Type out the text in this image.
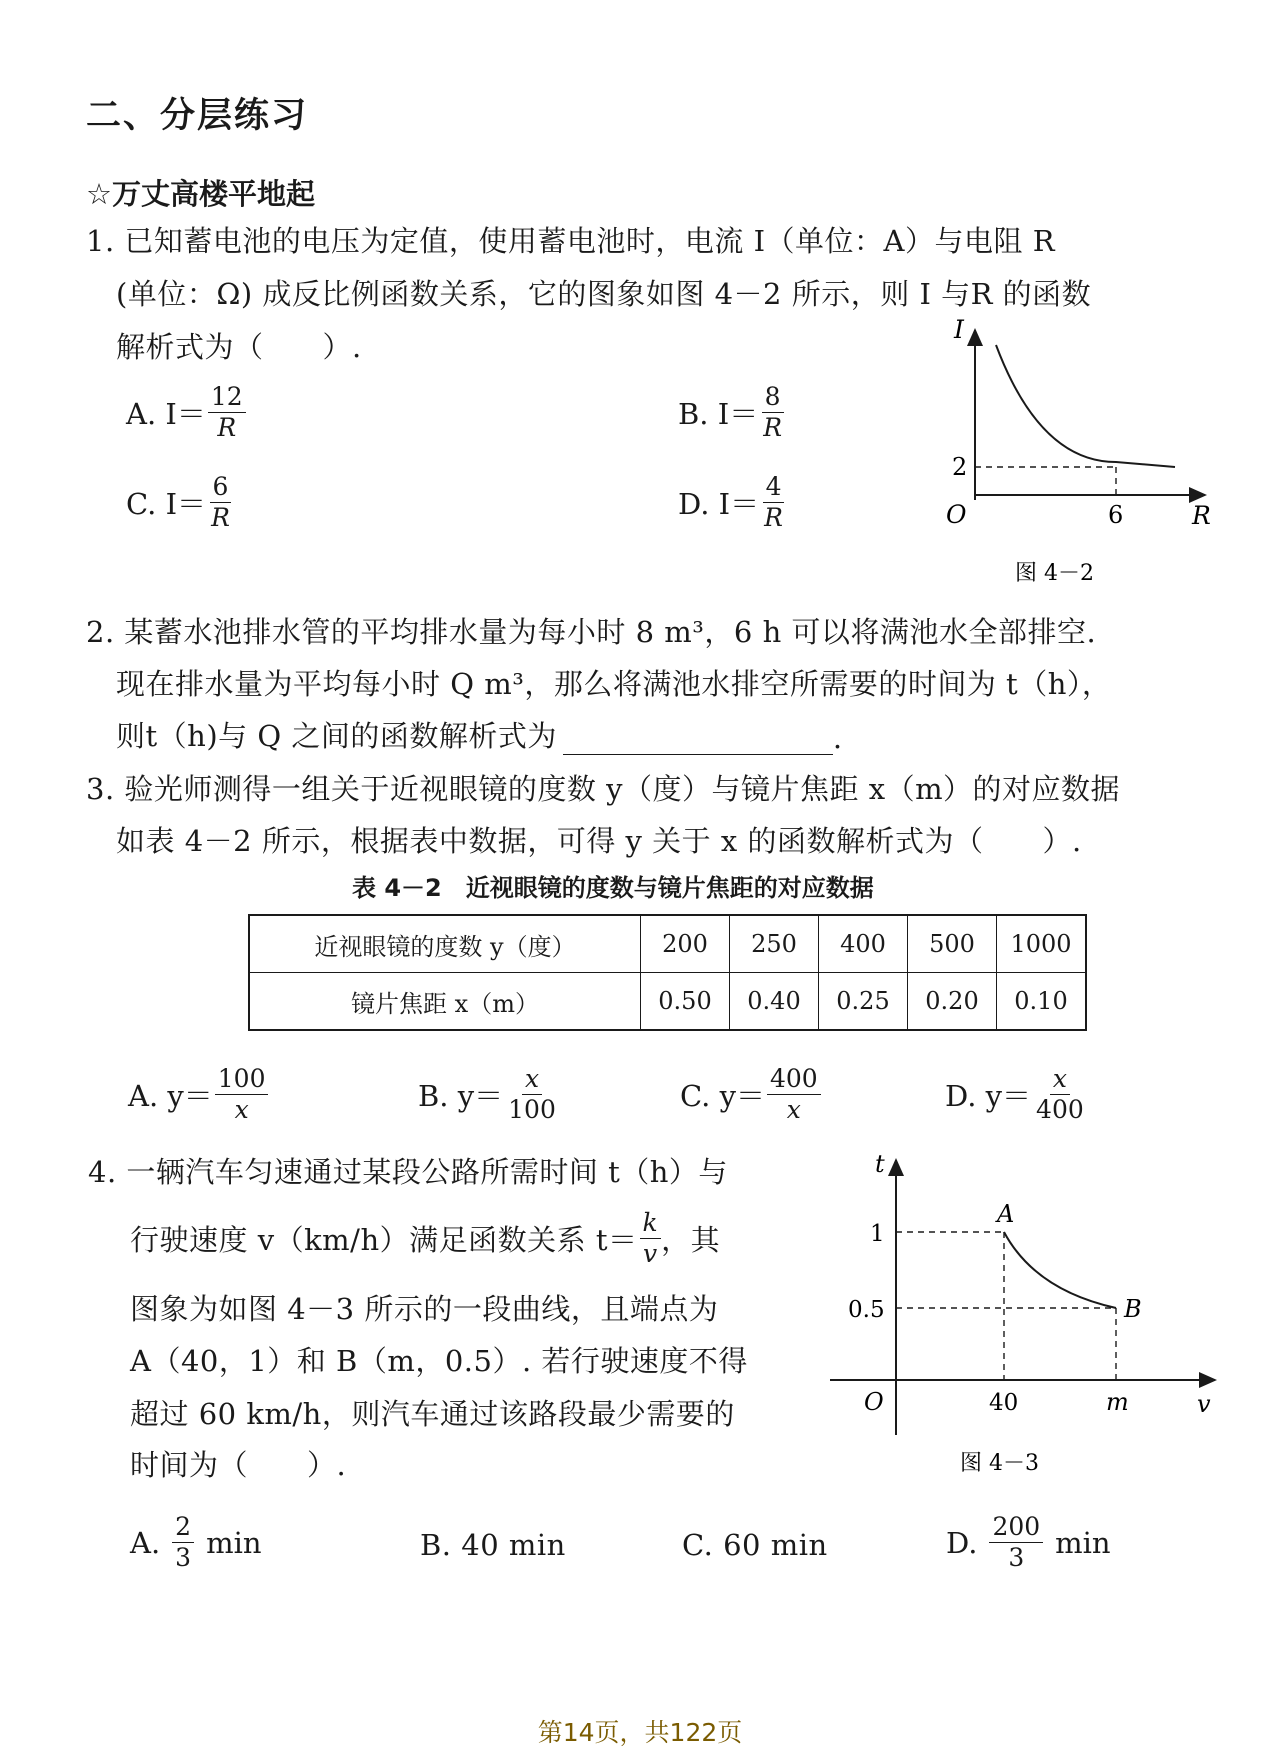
二、分层练习
☆万丈高楼平地起
1. 已知蓄电池的电压为定值，使用蓄电池时，电流 I（单位：A）与电阻 R
(单位：Ω) 成反比例函数关系，它的图象如图 4－2 所示，则 I 与R 的函数
解析式为（　　）.
A. $I= \frac{12}{R}$	B. $I= \frac{8}{R}$
C. $I= \frac{6}{R}$	D. $I= \frac{4}{R}$
I
R
O
2
6
图 4－2
2. 某蓄水池排水管的平均排水量为每小时 8 m³，6 h 可以将满池水全部排空.
现在排水量为平均每小时 Q m³，那么将满池水排空所需要的时间为 t（h），
则t（h)与 Q 之间的函数解析式为	.
3. 验光师测得一组关于近视眼镜的度数 y（度）与镜片焦距 x（m）的对应数据
如表 4－2 所示，根据表中数据，可得 y 关于 x 的函数解析式为（　　）.
表 4－2　近视眼镜的度数与镜片焦距的对应数据
近视眼镜的度数 y（度）	200	250	400	500	1000
镜片焦距 x（m）	0.50	0.40	0.25	0.20	0.10
A. $y= \frac{100}{x}$	B. $y= \frac{x}{100}$	C. $y= \frac{400}{x}$	D. $y= \frac{x}{400}$
4. 一辆汽车匀速通过某段公路所需时间 t（h）与
行驶速度 v（km/h）满足函数关系 $t= \frac{k}{v}$ ，其
图象为如图 4－3 所示的一段曲线，且端点为
A（40，1）和 B（m，0.5）. 若行驶速度不得
超过 60 km/h，则汽车通过该路段最少需要的
时间为（　　）.
t
v
O
1
0.5
40	m
A
B
图 4－3
A. $\frac{2}{3}$ min	B. 40 min	C. 60 min	D. $\frac{200}{3}$ min
第14页，共122页
